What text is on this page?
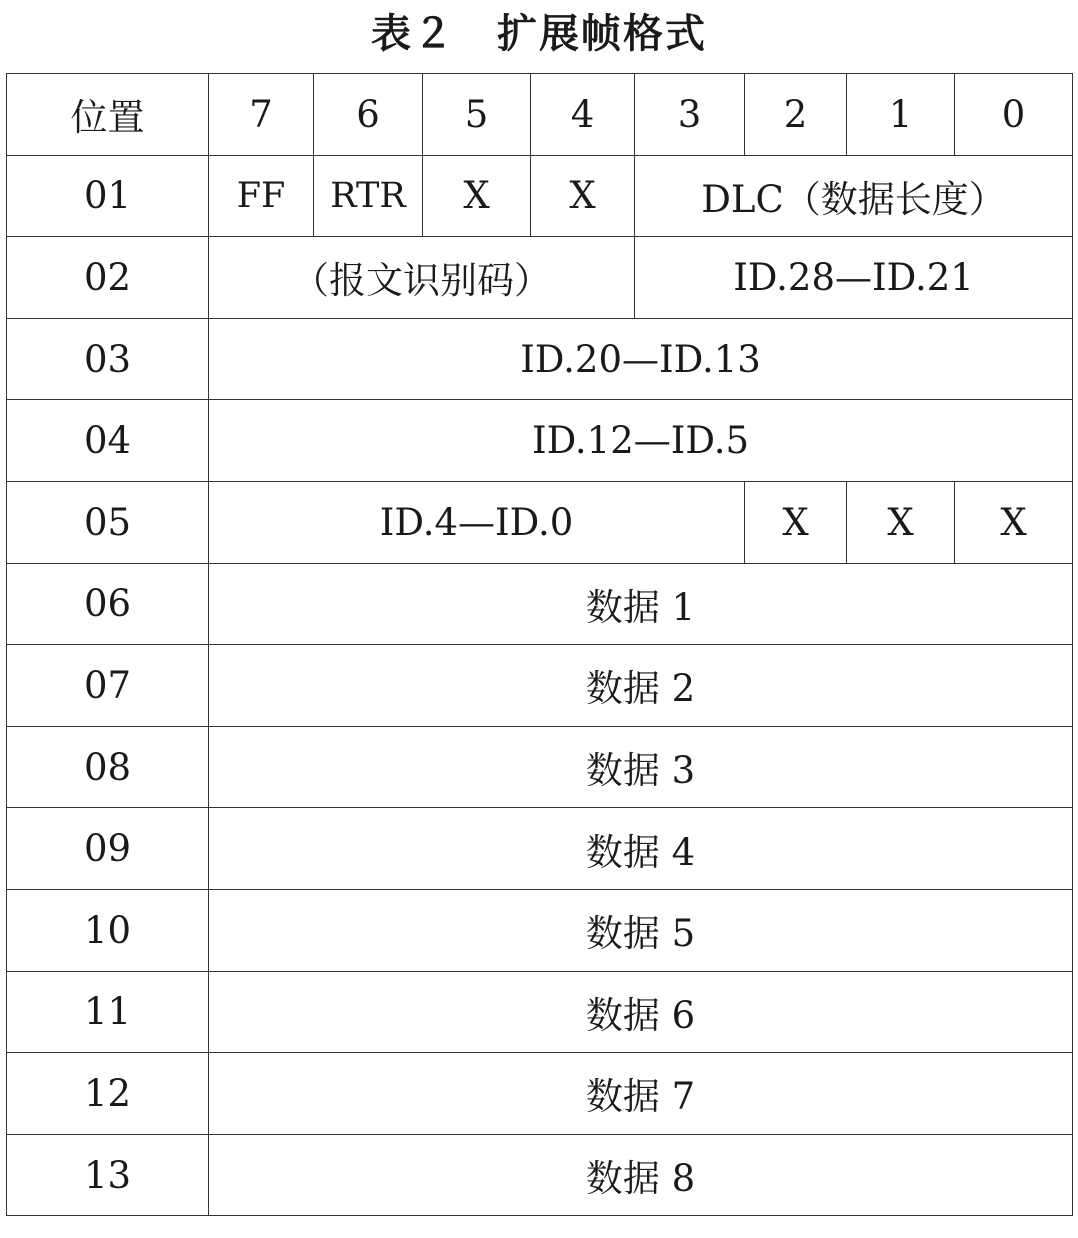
表２　扩展帧格式
位置	7	6	5	4	3	2	1	0
01	FF	RTR	X	X	DLC（数据长度）			
02	（报文识别码）				ID.28—ID.21			
03	ID.20—ID.13							
04	ID.12—ID.5							
05	ID.4—ID.0					X	X	X
06	数据 1							
07	数据 2							
08	数据 3							
09	数据 4							
10	数据 5							
11	数据 6							
12	数据 7							
13	数据 8							
